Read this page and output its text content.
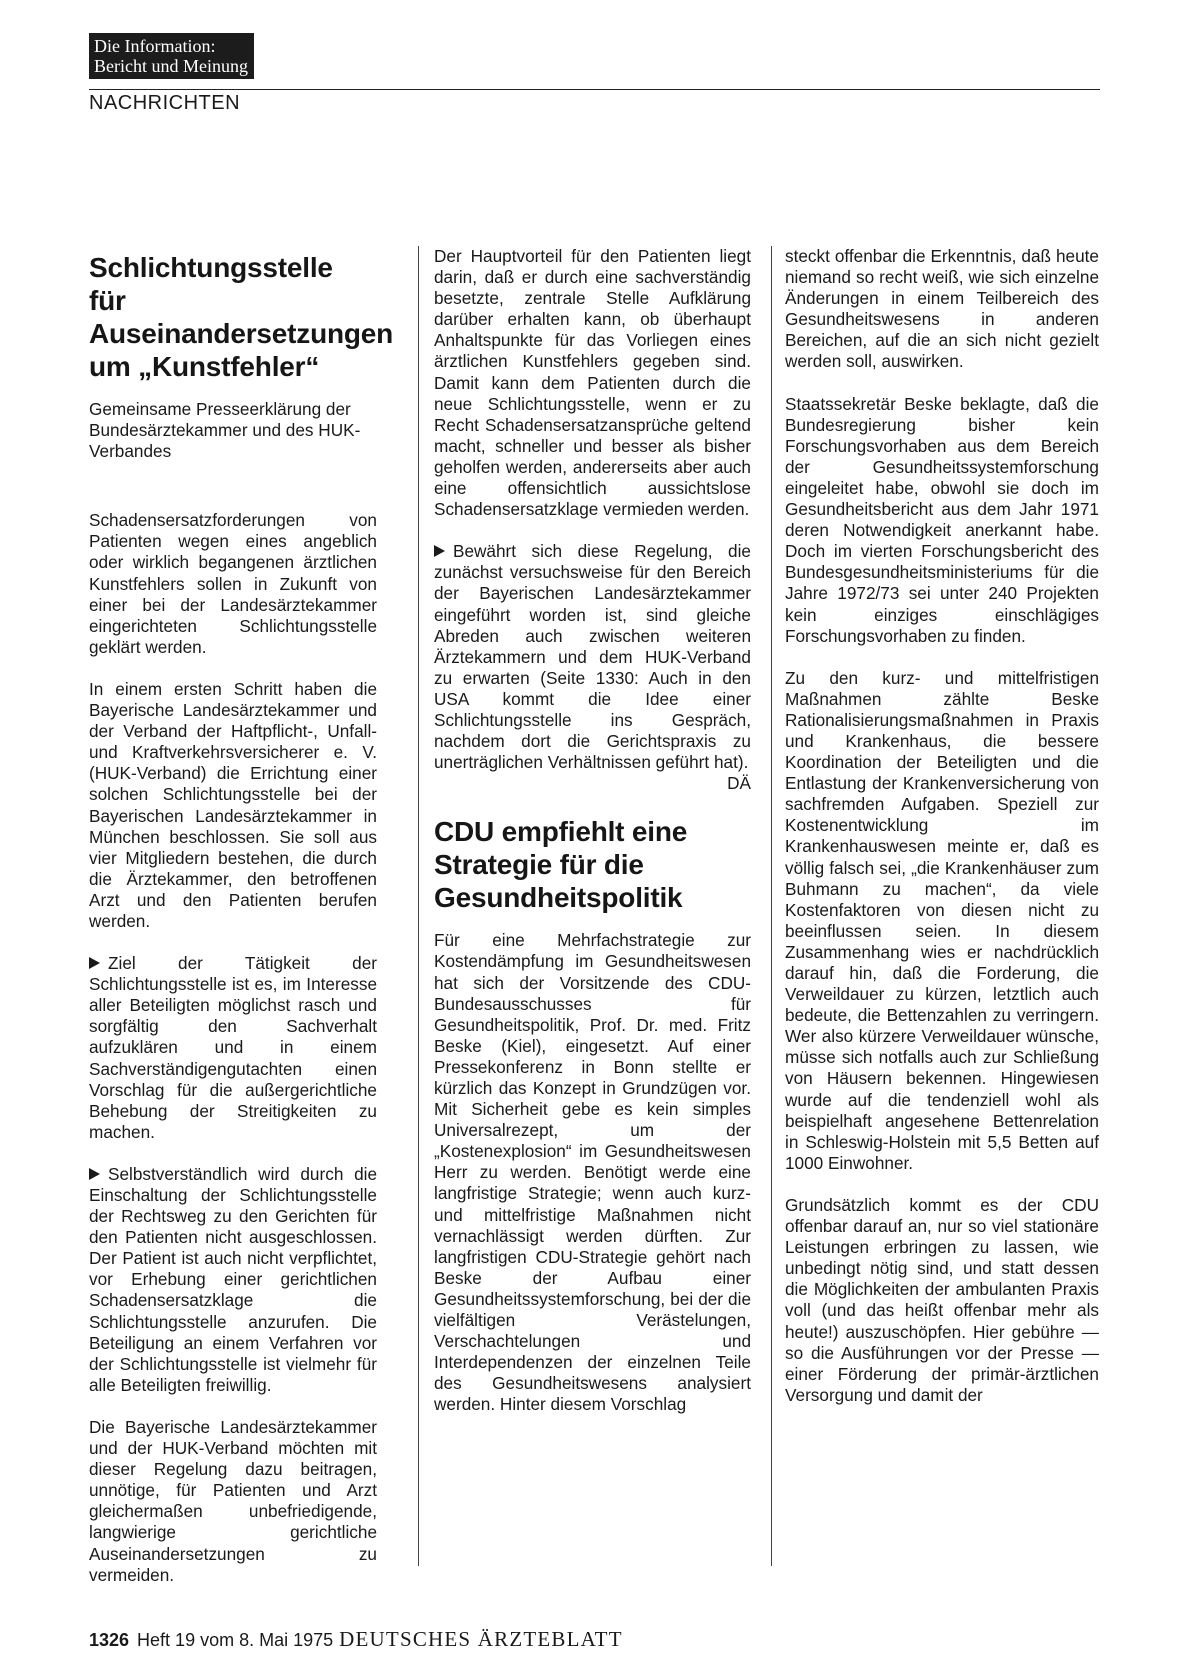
Die Information:
Bericht und Meinung
NACHRICHTEN
Schlichtungsstelle für Auseinandersetzungen um „Kunstfehler“
Gemeinsame Presseerklärung der Bundesärztekammer und des HUK-Verbandes

Schadensersatzforderungen von Patienten wegen eines angeblich oder wirklich begangenen ärztlichen Kunstfehlers sollen in Zukunft von einer bei der Landesärztekammer eingerichteten Schlichtungsstelle geklärt werden.

In einem ersten Schritt haben die Bayerische Landesärztekammer und der Verband der Haftpflicht-, Unfall- und Kraftverkehrsversicherer e. V. (HUK-Verband) die Errichtung einer solchen Schlichtungsstelle bei der Bayerischen Landesärztekammer in München beschlossen. Sie soll aus vier Mitgliedern bestehen, die durch die Ärztekammer, den betroffenen Arzt und den Patienten berufen werden.

Ziel der Tätigkeit der Schlichtungsstelle ist es, im Interesse aller Beteiligten möglichst rasch und sorgfältig den Sachverhalt aufzuklären und in einem Sachverständigengutachten einen Vorschlag für die außergerichtliche Behebung der Streitigkeiten zu machen.

Selbstverständlich wird durch die Einschaltung der Schlichtungsstelle der Rechtsweg zu den Gerichten für den Patienten nicht ausgeschlossen. Der Patient ist auch nicht verpflichtet, vor Erhebung einer gerichtlichen Schadensersatzklage die Schlichtungsstelle anzurufen. Die Beteiligung an einem Verfahren vor der Schlichtungsstelle ist vielmehr für alle Beteiligten freiwillig.

Die Bayerische Landesärztekammer und der HUK-Verband möchten mit dieser Regelung dazu beitragen, unnötige, für Patienten und Arzt gleichermaßen unbefriedigende, langwierige gerichtliche Auseinandersetzungen zu vermeiden.

Der Hauptvorteil für den Patienten liegt darin, daß er durch eine sachverständig besetzte, zentrale Stelle Aufklärung darüber erhalten kann, ob überhaupt Anhaltspunkte für das Vorliegen eines ärztlichen Kunstfehlers gegeben sind. Damit kann dem Patienten durch die neue Schlichtungsstelle, wenn er zu Recht Schadensersatzansprüche geltend macht, schneller und besser als bisher geholfen werden, andererseits aber auch eine offensichtlich aussichtslose Schadensersatzklage vermieden werden.

Bewährt sich diese Regelung, die zunächst versuchsweise für den Bereich der Bayerischen Landesärztekammer eingeführt worden ist, sind gleiche Abreden auch zwischen weiteren Ärztekammern und dem HUK-Verband zu erwarten (Seite 1330: Auch in den USA kommt die Idee einer Schlichtungsstelle ins Gespräch, nachdem dort die Gerichtspraxis zu unerträglichen Verhältnissen geführt hat).
DÄ

CDU empfiehlt eine Strategie für die Gesundheitspolitik

Für eine Mehrfachstrategie zur Kostendämpfung im Gesundheitswesen hat sich der Vorsitzende des CDU-Bundesausschusses für Gesundheitspolitik, Prof. Dr. med. Fritz Beske (Kiel), eingesetzt. Auf einer Pressekonferenz in Bonn stellte er kürzlich das Konzept in Grundzügen vor. Mit Sicherheit gebe es kein simples Universalrezept, um der „Kostenexplosion“ im Gesundheitswesen Herr zu werden. Benötigt werde eine langfristige Strategie; wenn auch kurz- und mittelfristige Maßnahmen nicht vernachlässigt werden dürften. Zur langfristigen CDU-Strategie gehört nach Beske der Aufbau einer Gesundheitssystemforschung, bei der die vielfältigen Verästelungen, Verschachtelungen und Interdependenzen der einzelnen Teile des Gesundheitswesens analysiert werden. Hinter diesem Vorschlag

steckt offenbar die Erkenntnis, daß heute niemand so recht weiß, wie sich einzelne Änderungen in einem Teilbereich des Gesundheitswesens in anderen Bereichen, auf die an sich nicht gezielt werden soll, auswirken.

Staatssekretär Beske beklagte, daß die Bundesregierung bisher kein Forschungsvorhaben aus dem Bereich der Gesundheitssystemforschung eingeleitet habe, obwohl sie doch im Gesundheitsbericht aus dem Jahr 1971 deren Notwendigkeit anerkannt habe. Doch im vierten Forschungsbericht des Bundesgesundheitsministeriums für die Jahre 1972/73 sei unter 240 Projekten kein einziges einschlägiges Forschungsvorhaben zu finden.

Zu den kurz- und mittelfristigen Maßnahmen zählte Beske Rationalisierungsmaßnahmen in Praxis und Krankenhaus, die bessere Koordination der Beteiligten und die Entlastung der Krankenversicherung von sachfremden Aufgaben. Speziell zur Kostenentwicklung im Krankenhauswesen meinte er, daß es völlig falsch sei, „die Krankenhäuser zum Buhmann zu machen“, da viele Kostenfaktoren von diesen nicht zu beeinflussen seien. In diesem Zusammenhang wies er nachdrücklich darauf hin, daß die Forderung, die Verweildauer zu kürzen, letztlich auch bedeute, die Bettenzahlen zu verringern. Wer also kürzere Verweildauer wünsche, müsse sich notfalls auch zur Schließung von Häusern bekennen. Hingewiesen wurde auf die tendenziell wohl als beispielhaft angesehene Bettenrelation in Schleswig-Holstein mit 5,5 Betten auf 1000 Einwohner.

Grundsätzlich kommt es der CDU offenbar darauf an, nur so viel stationäre Leistungen erbringen zu lassen, wie unbedingt nötig sind, und statt dessen die Möglichkeiten der ambulanten Praxis voll (und das heißt offenbar mehr als heute!) auszuschöpfen. Hier gebühre — so die Ausführungen vor der Presse — einer Förderung der primär-ärztlichen Versorgung und damit der

1326 Heft 19 vom 8. Mai 1975 DEUTSCHES ÄRZTEBLATT
